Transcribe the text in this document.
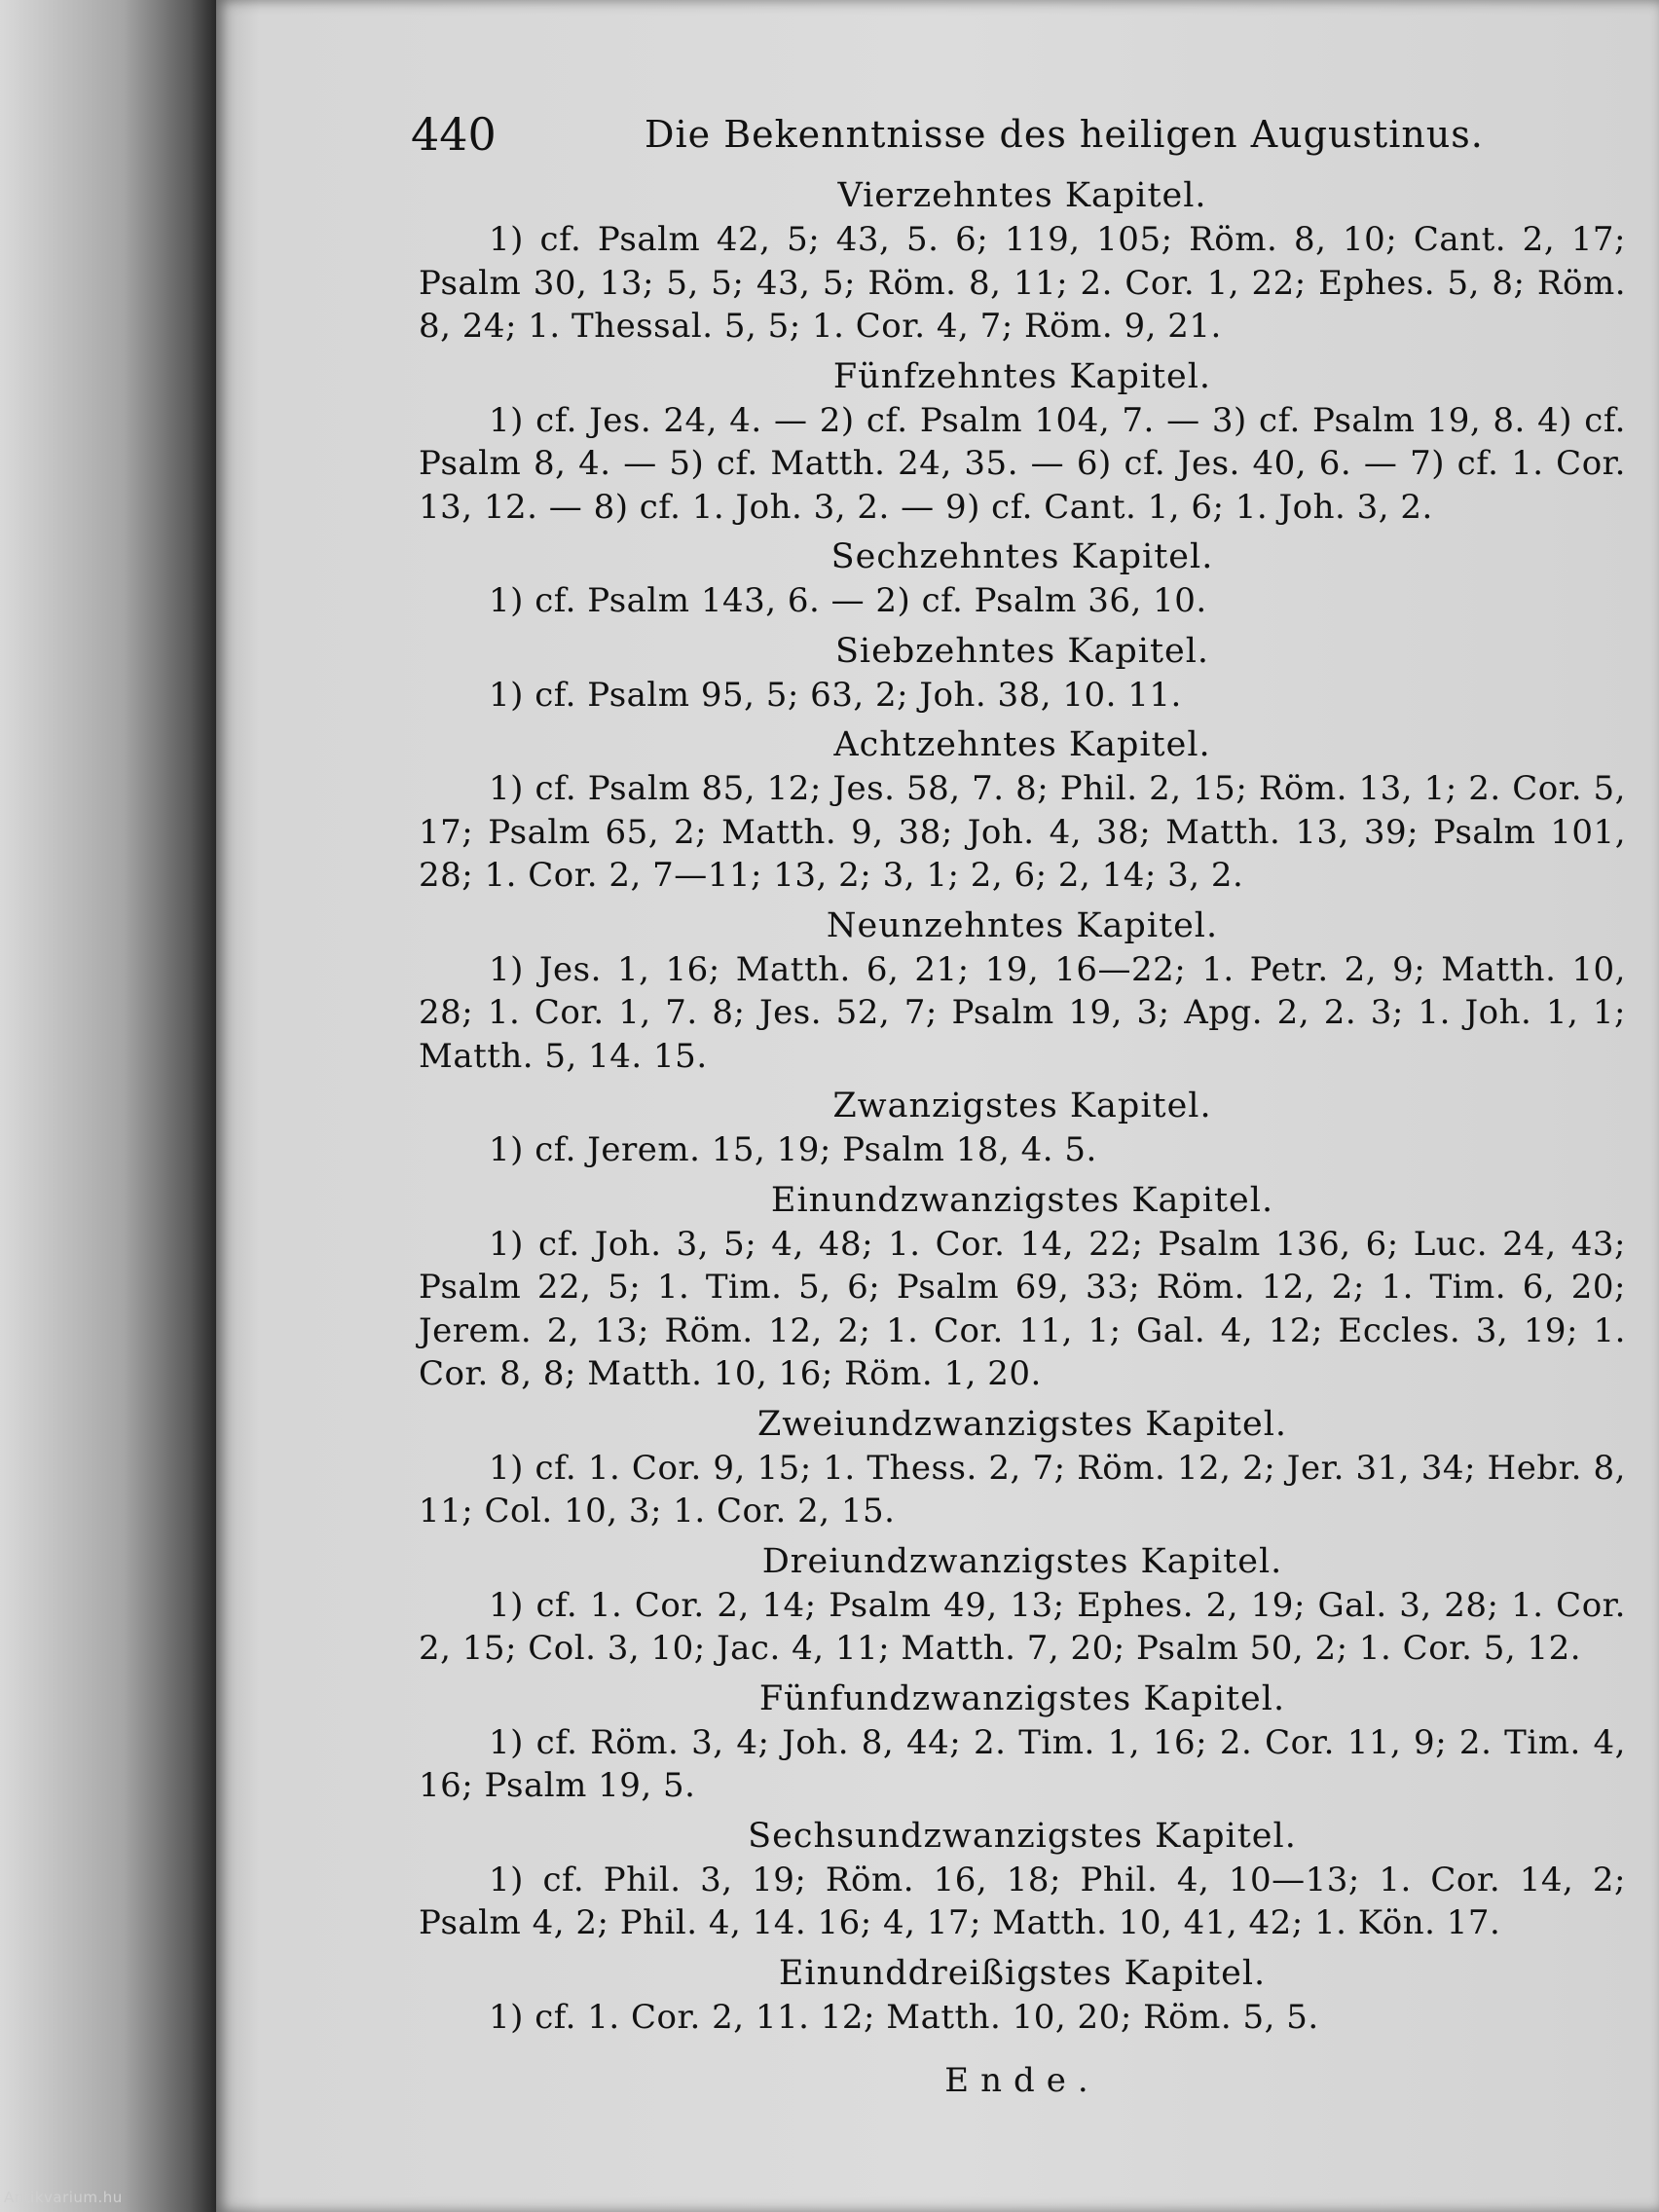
440	Die Bekenntnisse des heiligen Augustinus.

Vierzehntes Kapitel.

1) cf. Psalm 42, 5; 43, 5. 6; 119, 105; Röm. 8, 10; Cant. 2, 17; Psalm 30, 13; 5, 5; 43, 5; Röm. 8, 11; 2. Cor. 1, 22; Ephes. 5, 8; Röm. 8, 24; 1. Thessal. 5, 5; 1. Cor. 4, 7; Röm. 9, 21.

Fünfzehntes Kapitel.

1) cf. Jes. 24, 4. — 2) cf. Psalm 104, 7. — 3) cf. Psalm 19, 8. 4) cf. Psalm 8, 4. — 5) cf. Matth. 24, 35. — 6) cf. Jes. 40, 6. — 7) cf. 1. Cor. 13, 12. — 8) cf. 1. Joh. 3, 2. — 9) cf. Cant. 1, 6; 1. Joh. 3, 2.

Sechzehntes Kapitel.

1) cf. Psalm 143, 6. — 2) cf. Psalm 36, 10.

Siebzehntes Kapitel.

1) cf. Psalm 95, 5; 63, 2; Joh. 38, 10. 11.

Achtzehntes Kapitel.

1) cf. Psalm 85, 12; Jes. 58, 7. 8; Phil. 2, 15; Röm. 13, 1; 2. Cor. 5, 17; Psalm 65, 2; Matth. 9, 38; Joh. 4, 38; Matth. 13, 39; Psalm 101, 28; 1. Cor. 2, 7—11; 13, 2; 3, 1; 2, 6; 2, 14; 3, 2.

Neunzehntes Kapitel.

1) Jes. 1, 16; Matth. 6, 21; 19, 16—22; 1. Petr. 2, 9; Matth. 10, 28; 1. Cor. 1, 7. 8; Jes. 52, 7; Psalm 19, 3; Apg. 2, 2. 3; 1. Joh. 1, 1; Matth. 5, 14. 15.

Zwanzigstes Kapitel.

1) cf. Jerem. 15, 19; Psalm 18, 4. 5.

Einundzwanzigstes Kapitel.

1) cf. Joh. 3, 5; 4, 48; 1. Cor. 14, 22; Psalm 136, 6; Luc. 24, 43; Psalm 22, 5; 1. Tim. 5, 6; Psalm 69, 33; Röm. 12, 2; 1. Tim. 6, 20; Jerem. 2, 13; Röm. 12, 2; 1. Cor. 11, 1; Gal. 4, 12; Eccles. 3, 19; 1. Cor. 8, 8; Matth. 10, 16; Röm. 1, 20.

Zweiundzwanzigstes Kapitel.

1) cf. 1. Cor. 9, 15; 1. Thess. 2, 7; Röm. 12, 2; Jer. 31, 34; Hebr. 8, 11; Col. 10, 3; 1. Cor. 2, 15.

Dreiundzwanzigstes Kapitel.

1) cf. 1. Cor. 2, 14; Psalm 49, 13; Ephes. 2, 19; Gal. 3, 28; 1. Cor. 2, 15; Col. 3, 10; Jac. 4, 11; Matth. 7, 20; Psalm 50, 2; 1. Cor. 5, 12.

Fünfundzwanzigstes Kapitel.

1) cf. Röm. 3, 4; Joh. 8, 44; 2. Tim. 1, 16; 2. Cor. 11, 9; 2. Tim. 4, 16; Psalm 19, 5.

Sechsundzwanzigstes Kapitel.

1) cf. Phil. 3, 19; Röm. 16, 18; Phil. 4, 10—13; 1. Cor. 14, 2; Psalm 4, 2; Phil. 4, 14. 16; 4, 17; Matth. 10, 41, 42; 1. Kön. 17.

Einunddreißigstes Kapitel.

1) cf. 1. Cor. 2, 11. 12; Matth. 10, 20; Röm. 5, 5.

Ende.
Antikvarium.hu
